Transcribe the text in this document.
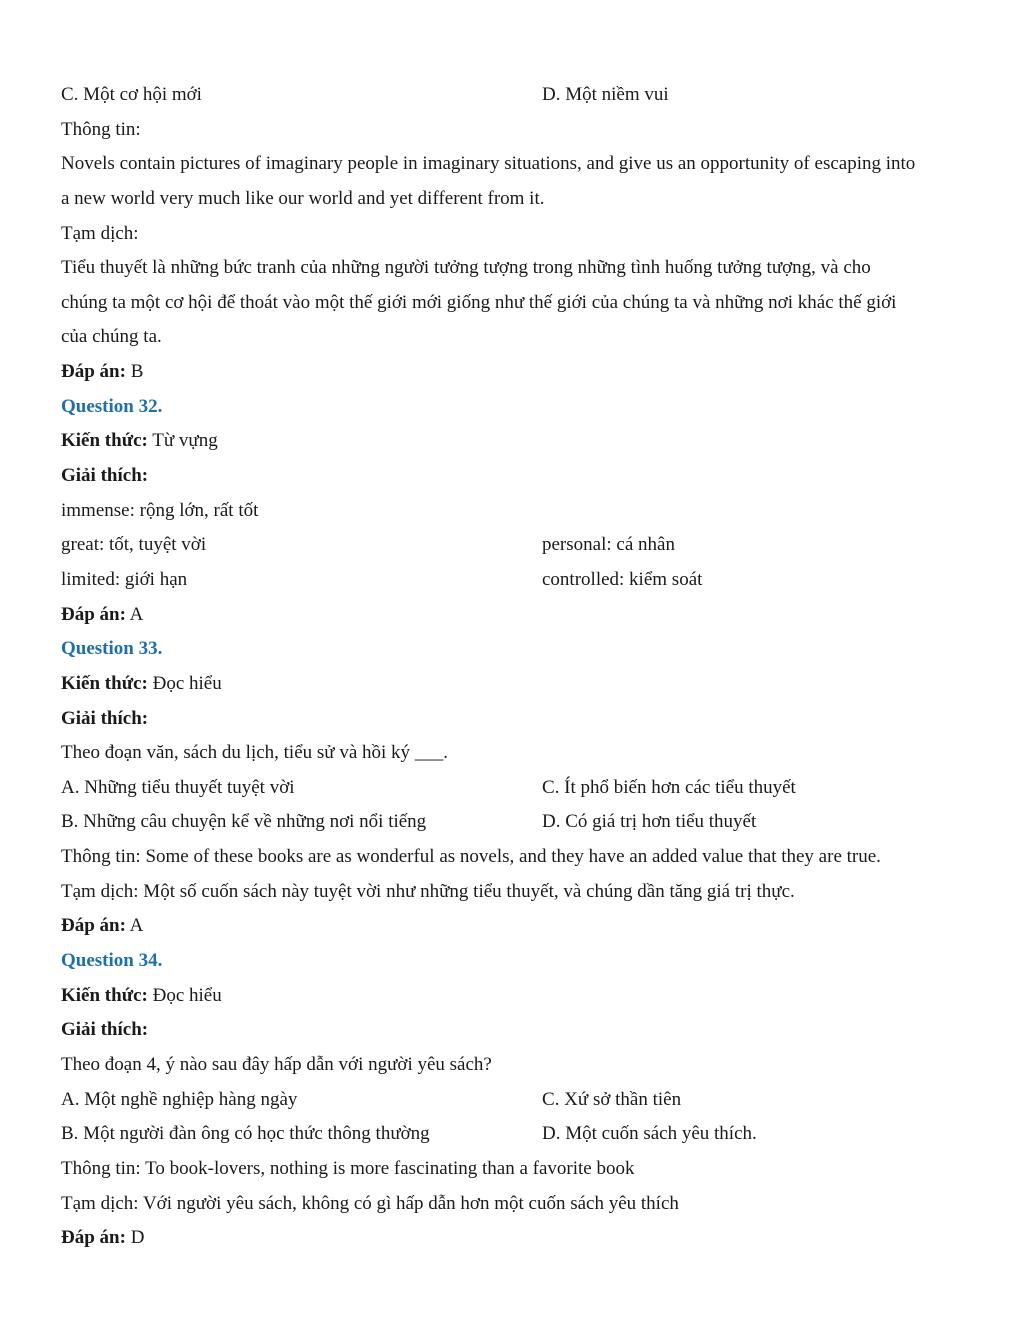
C. Một cơ hội mới	D. Một niềm vui
Thông tin:
Novels contain pictures of imaginary people in imaginary situations, and give us an opportunity of escaping into
a new world very much like our world and yet different from it.
Tạm dịch:
Tiểu thuyết là những bức tranh của những người tưởng tượng trong những tình huống tưởng tượng, và cho
chúng ta một cơ hội để thoát vào một thế giới mới giống như thế giới của chúng ta và những nơi khác thế giới
của chúng ta.
Đáp án: B
Question 32.
Kiến thức: Từ vựng
Giải thích:
immense: rộng lớn, rất tốt
great: tốt, tuyệt vời	personal: cá nhân
limited: giới hạn	controlled: kiểm soát
Đáp án: A
Question 33.
Kiến thức: Đọc hiểu
Giải thích:
Theo đoạn văn, sách du lịch, tiểu sử và hồi ký ___.
A. Những tiểu thuyết tuyệt vời	C. Ít phổ biến hơn các tiểu thuyết
B. Những câu chuyện kể về những nơi nổi tiếng	D. Có giá trị hơn tiểu thuyết
Thông tin: Some of these books are as wonderful as novels, and they have an added value that they are true.
Tạm dịch: Một số cuốn sách này tuyệt vời như những tiểu thuyết, và chúng dần tăng giá trị thực.
Đáp án: A
Question 34.
Kiến thức: Đọc hiểu
Giải thích:
Theo đoạn 4, ý nào sau đây hấp dẫn với người yêu sách?
A. Một nghề nghiệp hàng ngày	C. Xứ sở thần tiên
B. Một người đàn ông có học thức thông thường	D. Một cuốn sách yêu thích.
Thông tin: To book-lovers, nothing is more fascinating than a favorite book
Tạm dịch: Với người yêu sách, không có gì hấp dẫn hơn một cuốn sách yêu thích
Đáp án: D
